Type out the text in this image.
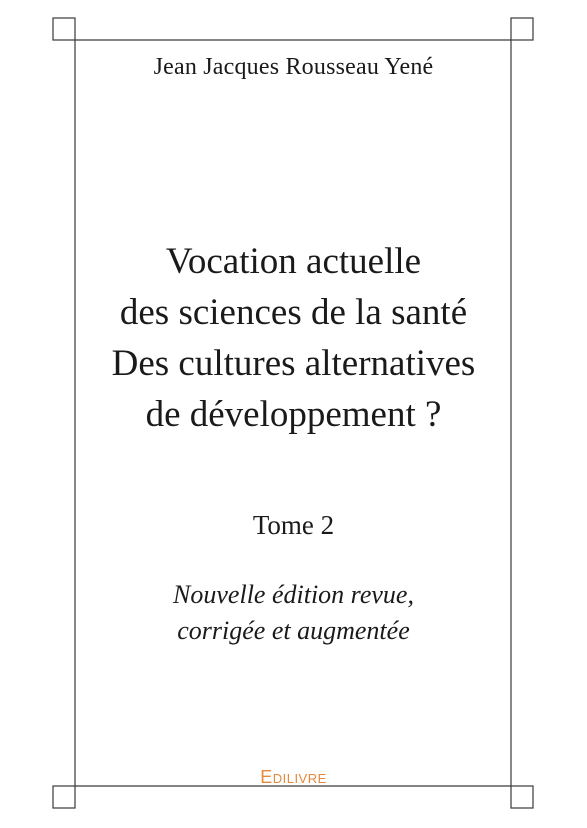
Jean Jacques Rousseau Yené
Vocation actuelle
des sciences de la santé
Des cultures alternatives
de développement ?
Tome 2
Nouvelle édition revue,
corrigée et augmentée
Edilivre
